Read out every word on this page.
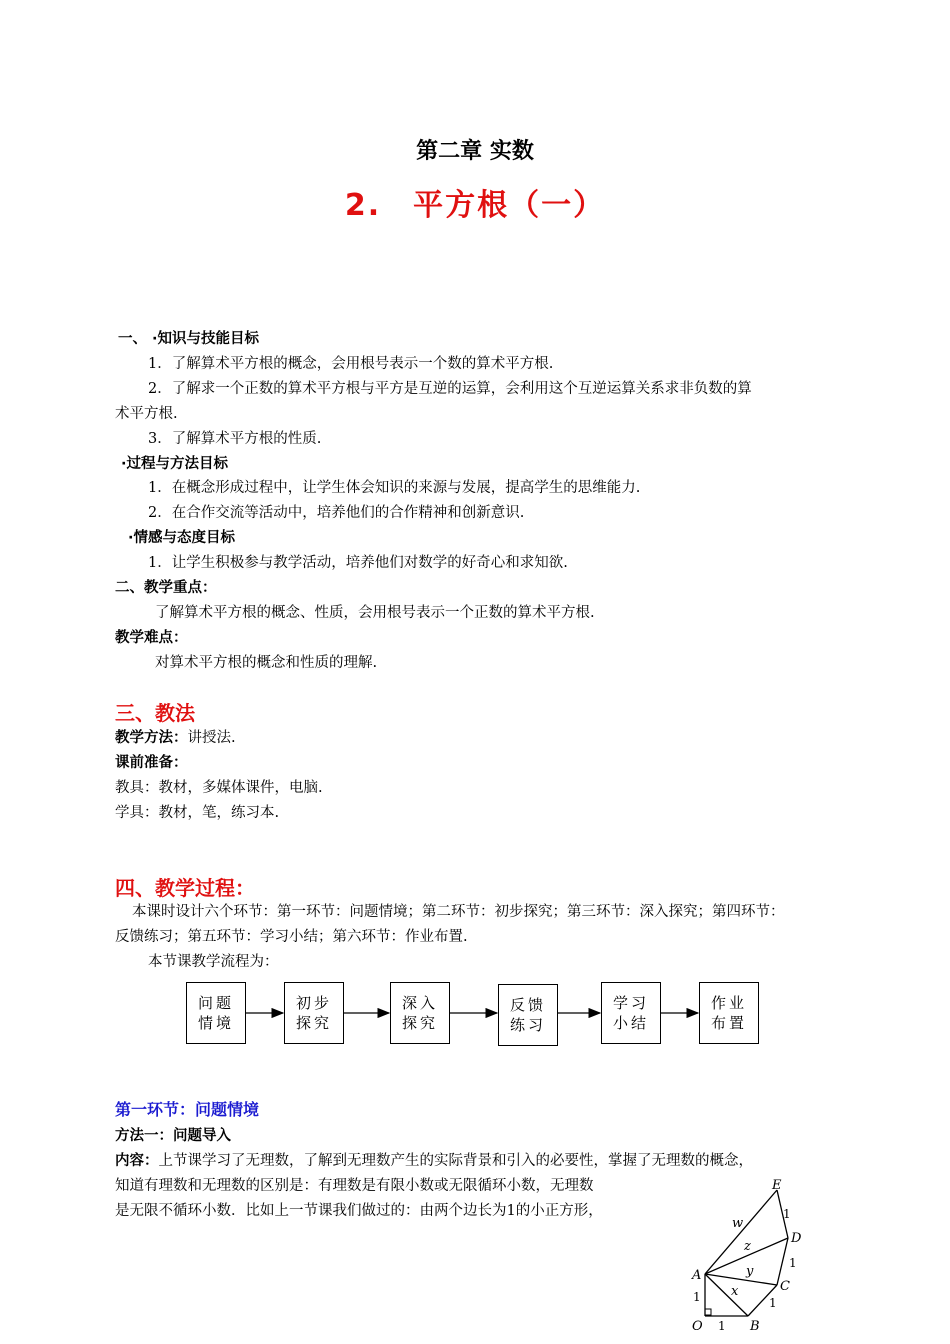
第二章 实数
2.　平方根（一）
一、 ·知识与技能目标
1．了解算术平方根的概念，会用根号表示一个数的算术平方根.
2．了解求一个正数的算术平方根与平方是互逆的运算，会利用这个互逆运算关系求非负数的算
术平方根.
3．了解算术平方根的性质.
·过程与方法目标
1．在概念形成过程中，让学生体会知识的来源与发展，提高学生的思维能力.
2．在合作交流等活动中，培养他们的合作精神和创新意识.
·情感与态度目标
1．让学生积极参与教学活动，培养他们对数学的好奇心和求知欲.
二、教学重点：
了解算术平方根的概念、性质，会用根号表示一个正数的算术平方根.
教学难点：
对算术平方根的概念和性质的理解.
三、教法
教学方法：讲授法.
课前准备：
教具：教材，多媒体课件，电脑.
学具：教材，笔，练习本.
四、教学过程：
本课时设计六个环节：第一环节：问题情境；第二环节：初步探究；第三环节：深入探究；第四环节：
反馈练习；第五环节：学习小结；第六环节：作业布置.
本节课教学流程为：
问题
情境
初步
探究
深入
探究
反馈
练习
学习
小结
作业
布置
第一环节：问题情境
方法一：问题导入
内容：上节课学习了无理数，了解到无理数产生的实际背景和引入的必要性，掌握了无理数的概念，
知道有理数和无理数的区别是：有理数是有限小数或无限循环小数，无理数
是无限不循环小数．比如上一节课我们做过的：由两个边长为1的小正方形，
E
D
A
C
O	B
w
z
y
x
1
1
1
1
1
